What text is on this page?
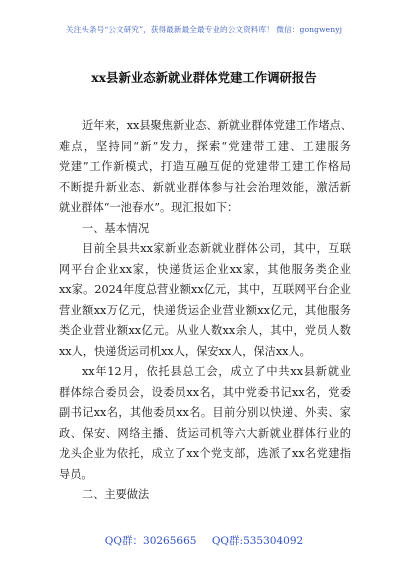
关注头条号“公文研究”，获得最新最全最专业的公文资料库！ 微信：gongwenyj
xx县新业态新就业群体党建工作调研报告
近年来，xx县聚焦新业态、新就业群体党建工作堵点、
难点，坚持同“新”发力，探索“党建带工建、工建服务
党建”工作新模式，打造互融互促的党建带工建工作格局
不断提升新业态、新就业群体参与社会治理效能，激活新
就业群体“一池春水”。现汇报如下：
一、基本情况
目前全县共xx家新业态新就业群体公司，其中，互联
网平台企业xx家，快递货运企业xx家，其他服务类企业
xx家。2024年度总营业额xx亿元，其中，互联网平台企业
营业额xx万亿元，快递货运企业营业额xx亿元，其他服务
类企业营业额xx亿元。从业人数xx余人，其中，党员人数
xx人，快递货运司机xx人，保安xx人，保洁xx人。
xx年12月，依托县总工会，成立了中共xx县新就业
群体综合委员会，设委员xx名，其中党委书记xx名，党委
副书记xx名，其他委员xx名。目前分别以快递、外卖、家
政、保安、网络主播、货运司机等六大新就业群体行业的
龙头企业为依托，成立了xx个党支部，选派了xx名党建指
导员。
二、主要做法
QQ群：30265665 QQ群:535304092
